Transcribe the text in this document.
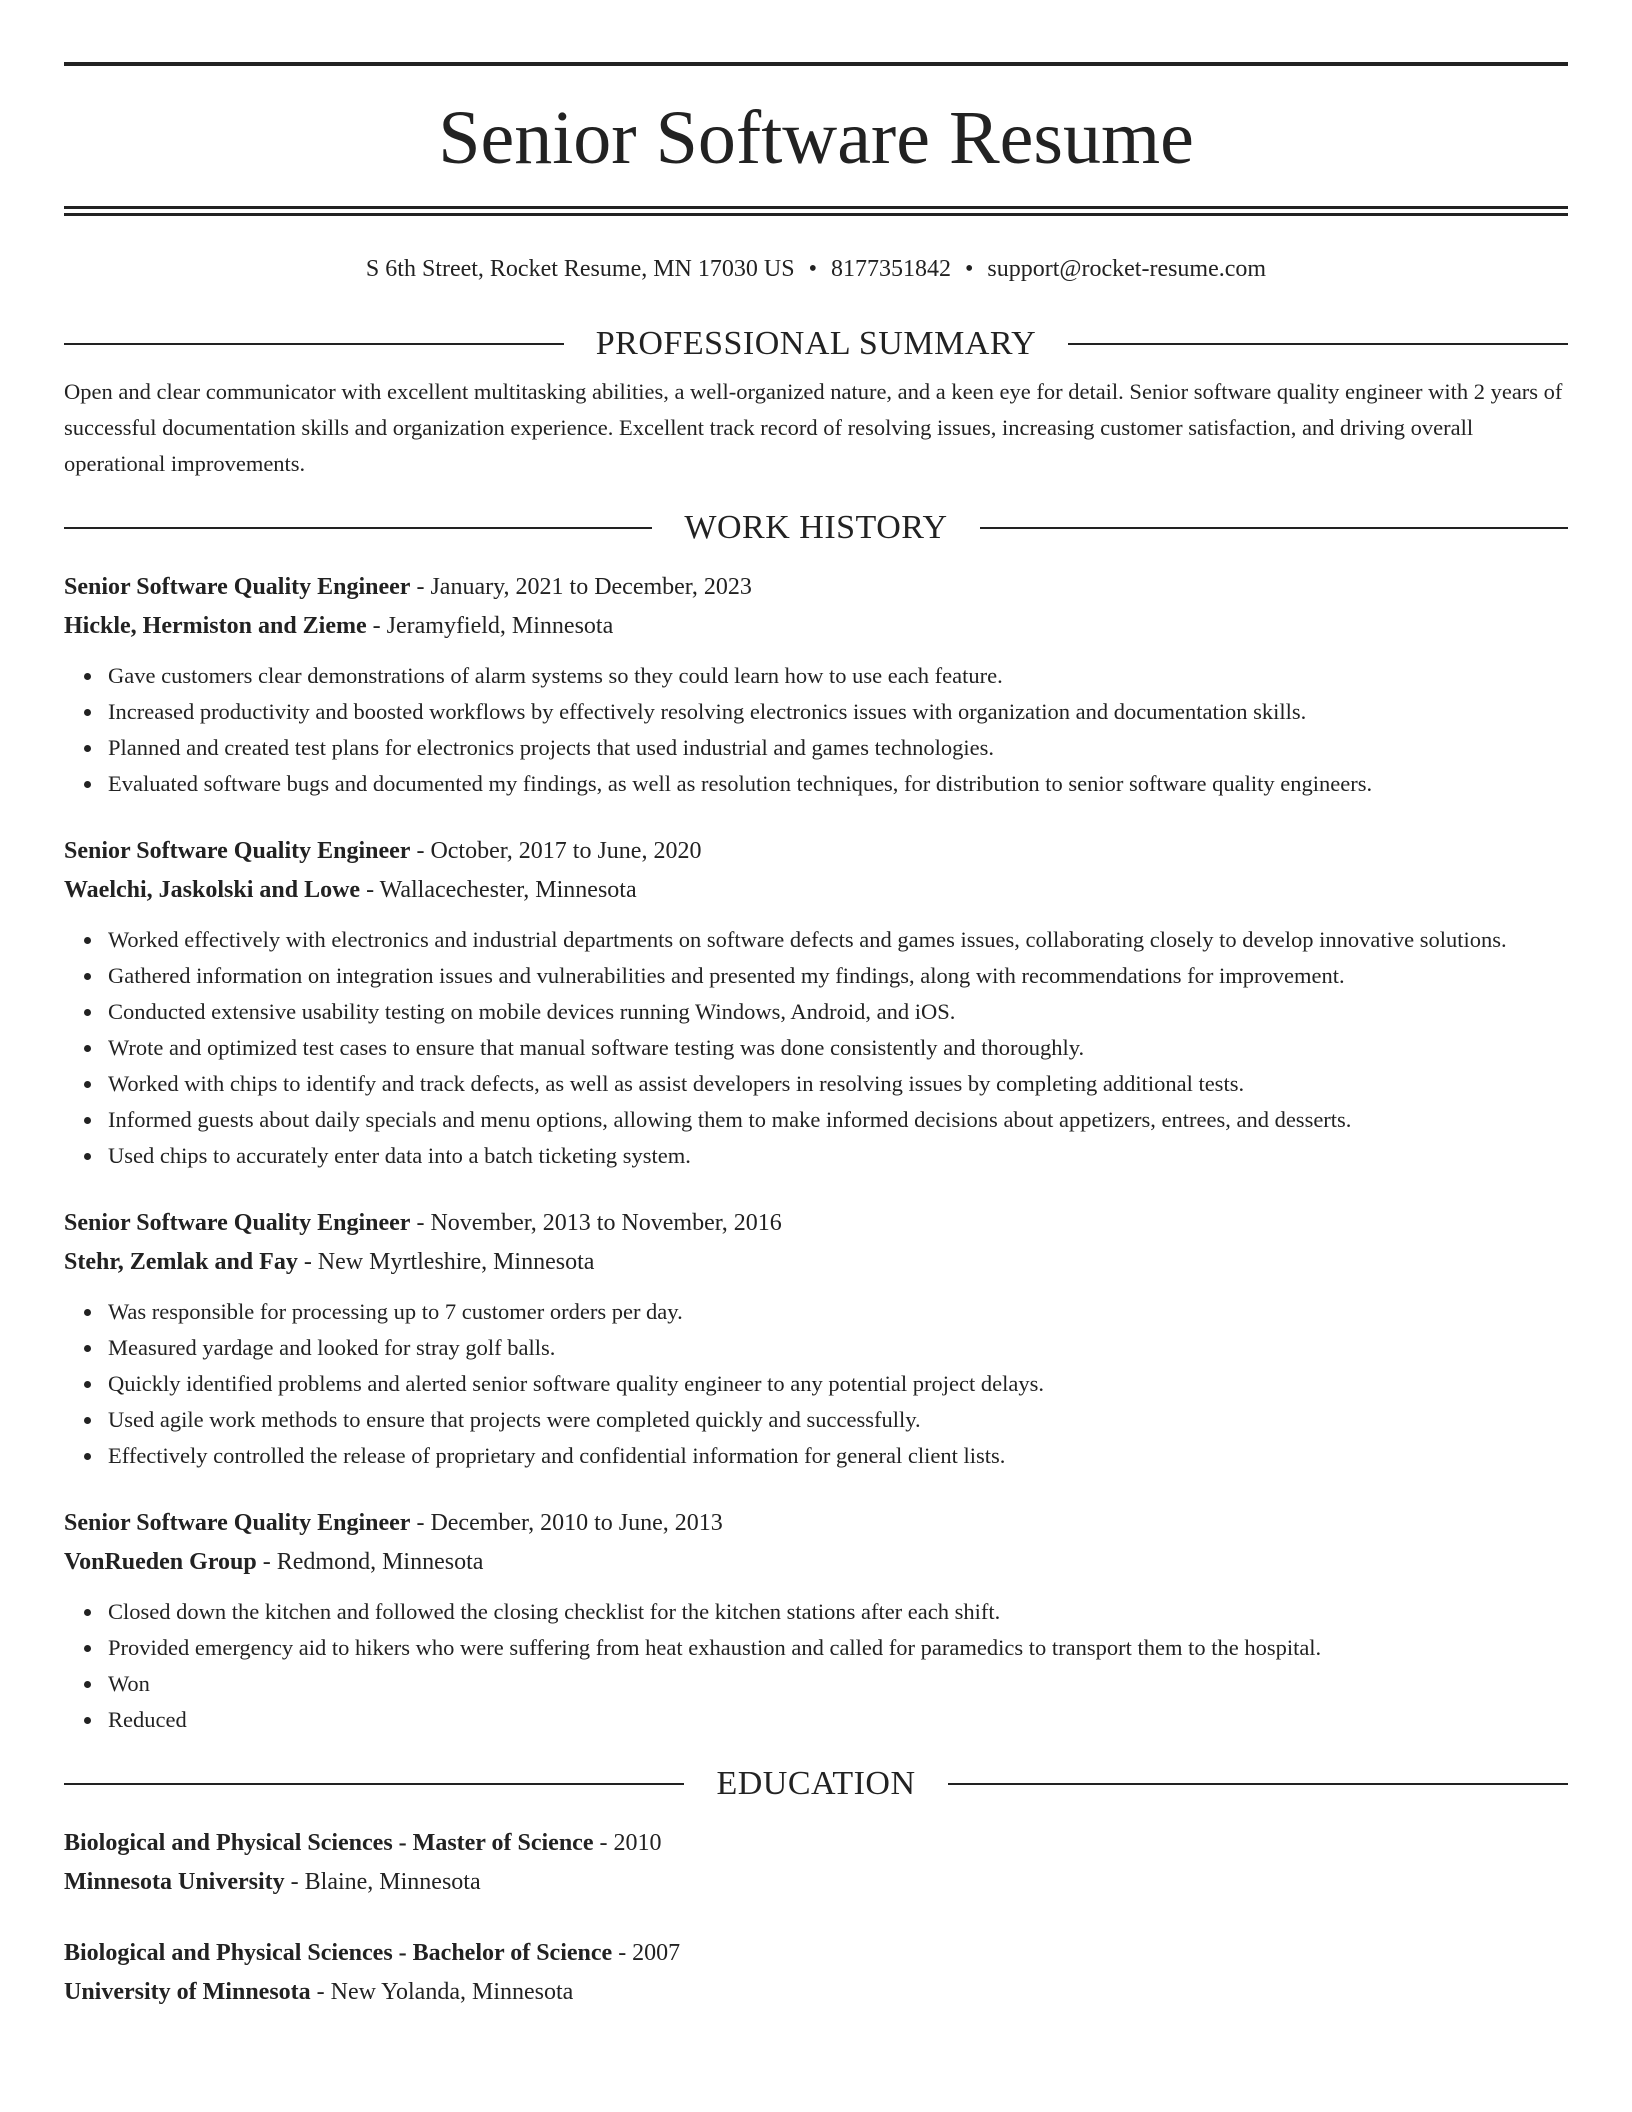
Senior Software Resume
S 6th Street, Rocket Resume, MN 17030 US • 8177351842 • support@rocket-resume.com
PROFESSIONAL SUMMARY
Open and clear communicator with excellent multitasking abilities, a well-organized nature, and a keen eye for detail. Senior software quality engineer with 2 years of successful documentation skills and organization experience. Excellent track record of resolving issues, increasing customer satisfaction, and driving overall operational improvements.
WORK HISTORY
Senior Software Quality Engineer - January, 2021 to December, 2023
Hickle, Hermiston and Zieme - Jeramyfield, Minnesota
Gave customers clear demonstrations of alarm systems so they could learn how to use each feature.
Increased productivity and boosted workflows by effectively resolving electronics issues with organization and documentation skills.
Planned and created test plans for electronics projects that used industrial and games technologies.
Evaluated software bugs and documented my findings, as well as resolution techniques, for distribution to senior software quality engineers.
Senior Software Quality Engineer - October, 2017 to June, 2020
Waelchi, Jaskolski and Lowe - Wallacechester, Minnesota
Worked effectively with electronics and industrial departments on software defects and games issues, collaborating closely to develop innovative solutions.
Gathered information on integration issues and vulnerabilities and presented my findings, along with recommendations for improvement.
Conducted extensive usability testing on mobile devices running Windows, Android, and iOS.
Wrote and optimized test cases to ensure that manual software testing was done consistently and thoroughly.
Worked with chips to identify and track defects, as well as assist developers in resolving issues by completing additional tests.
Informed guests about daily specials and menu options, allowing them to make informed decisions about appetizers, entrees, and desserts.
Used chips to accurately enter data into a batch ticketing system.
Senior Software Quality Engineer - November, 2013 to November, 2016
Stehr, Zemlak and Fay - New Myrtleshire, Minnesota
Was responsible for processing up to 7 customer orders per day.
Measured yardage and looked for stray golf balls.
Quickly identified problems and alerted senior software quality engineer to any potential project delays.
Used agile work methods to ensure that projects were completed quickly and successfully.
Effectively controlled the release of proprietary and confidential information for general client lists.
Senior Software Quality Engineer - December, 2010 to June, 2013
VonRueden Group - Redmond, Minnesota
Closed down the kitchen and followed the closing checklist for the kitchen stations after each shift.
Provided emergency aid to hikers who were suffering from heat exhaustion and called for paramedics to transport them to the hospital.
Won
Reduced
EDUCATION
Biological and Physical Sciences - Master of Science - 2010
Minnesota University - Blaine, Minnesota
Biological and Physical Sciences - Bachelor of Science - 2007
University of Minnesota - New Yolanda, Minnesota
